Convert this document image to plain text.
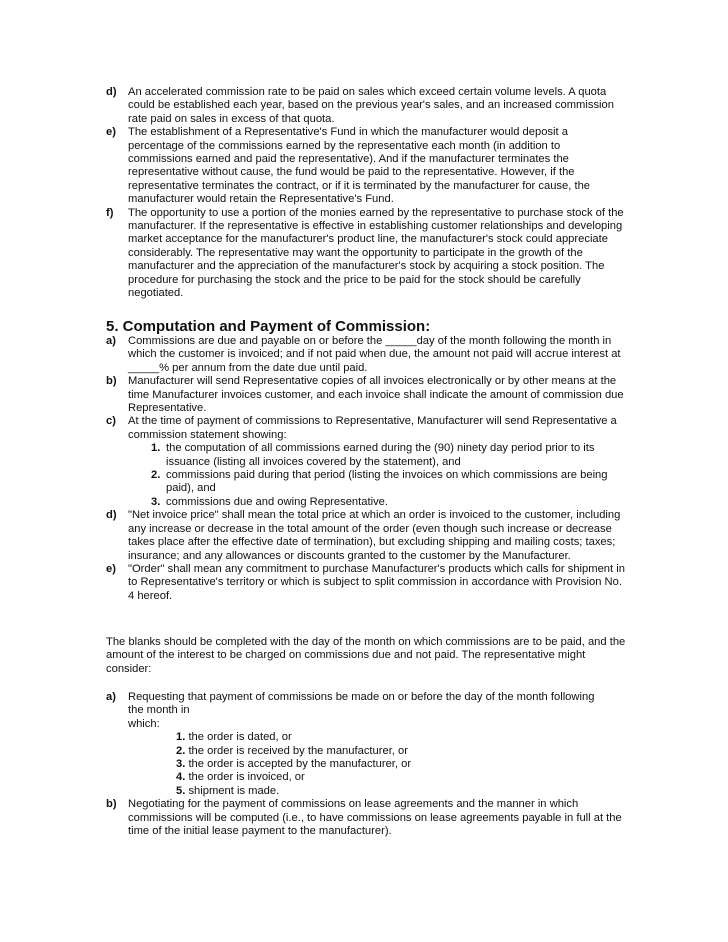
d) An accelerated commission rate to be paid on sales which exceed certain volume levels. A quota could be established each year, based on the previous year's sales, and an increased commission rate paid on sales in excess of that quota.
e) The establishment of a Representative's Fund in which the manufacturer would deposit a percentage of the commissions earned by the representative each month (in addition to commissions earned and paid the representative). And if the manufacturer terminates the representative without cause, the fund would be paid to the representative. However, if the representative terminates the contract, or if it is terminated by the manufacturer for cause, the manufacturer would retain the Representative's Fund.
f) The opportunity to use a portion of the monies earned by the representative to purchase stock of the manufacturer. If the representative is effective in establishing customer relationships and developing market acceptance for the manufacturer's product line, the manufacturer's stock could appreciate considerably. The representative may want the opportunity to participate in the growth of the manufacturer and the appreciation of the manufacturer's stock by acquiring a stock position. The procedure for purchasing the stock and the price to be paid for the stock should be carefully negotiated.

5. Computation and Payment of Commission:

a) Commissions are due and payable on or before the _____day of the month following the month in which the customer is invoiced; and if not paid when due, the amount not paid will accrue interest at _____% per annum from the date due until paid.
b) Manufacturer will send Representative copies of all invoices electronically or by other means at the time Manufacturer invoices customer, and each invoice shall indicate the amount of commission due Representative.
c) At the time of payment of commissions to Representative, Manufacturer will send Representative a commission statement showing:
1. the computation of all commissions earned during the (90) ninety day period prior to its issuance (listing all invoices covered by the statement), and
2. commissions paid during that period (listing the invoices on which commissions are being paid), and
3. commissions due and owing Representative.
d) "Net invoice price" shall mean the total price at which an order is invoiced to the customer, including any increase or decrease in the total amount of the order (even though such increase or decrease takes place after the effective date of termination), but excluding shipping and mailing costs; taxes; insurance; and any allowances or discounts granted to the customer by the Manufacturer.
e) "Order" shall mean any commitment to purchase Manufacturer's products which calls for shipment in to Representative's territory or which is subject to split commission in accordance with Provision No. 4 hereof.

The blanks should be completed with the day of the month on which commissions are to be paid, and the amount of the interest to be charged on commissions due and not paid. The representative might consider:

a) Requesting that payment of commissions be made on or before the day of the month following the month in
which:
1. the order is dated, or
2. the order is received by the manufacturer, or
3. the order is accepted by the manufacturer, or
4. the order is invoiced, or
5. shipment is made.
b) Negotiating for the payment of commissions on lease agreements and the manner in which commissions will be computed (i.e., to have commissions on lease agreements payable in full at the time of the initial lease payment to the manufacturer).
